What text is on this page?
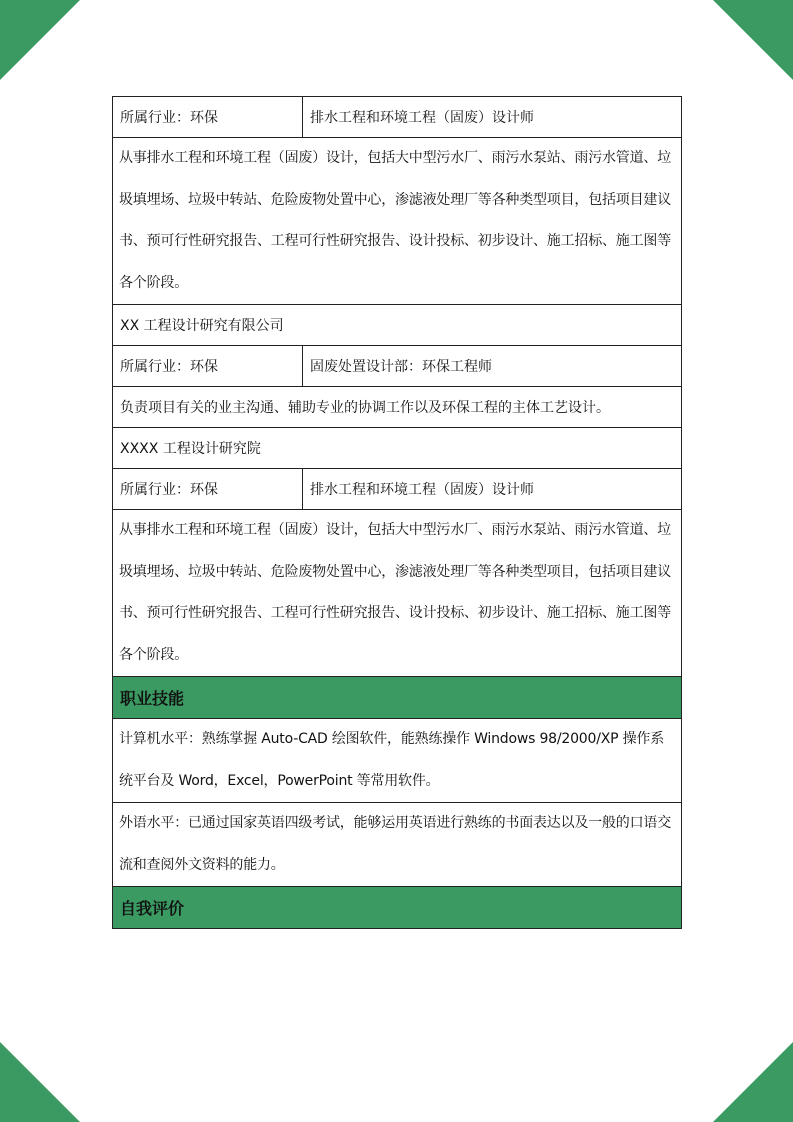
所属行业：环保	排水工程和环境工程（固废）设计师
从事排水工程和环境工程（固废）设计，包括大中型污水厂、雨污水泵站、雨污水管道、垃圾填埋场、垃圾中转站、危险废物处置中心，渗滤液处理厂等各种类型项目，包括项目建议书、预可行性研究报告、工程可行性研究报告、设计投标、初步设计、施工招标、施工图等各个阶段。	
XX 工程设计研究有限公司	
所属行业：环保	固废处置设计部：环保工程师
负责项目有关的业主沟通、辅助专业的协调工作以及环保工程的主体工艺设计。	
XXXX 工程设计研究院	
所属行业：环保	排水工程和环境工程（固废）设计师
从事排水工程和环境工程（固废）设计，包括大中型污水厂、雨污水泵站、雨污水管道、垃圾填埋场、垃圾中转站、危险废物处置中心，渗滤液处理厂等各种类型项目，包括项目建议书、预可行性研究报告、工程可行性研究报告、设计投标、初步设计、施工招标、施工图等各个阶段。	
职业技能	
计算机水平：熟练掌握 Auto-CAD 绘图软件，能熟练操作 Windows 98/2000/XP 操作系统平台及 Word，Excel，PowerPoint 等常用软件。	
外语水平：已通过国家英语四级考试，能够运用英语进行熟练的书面表达以及一般的口语交流和查阅外文资料的能力。	
自我评价	
